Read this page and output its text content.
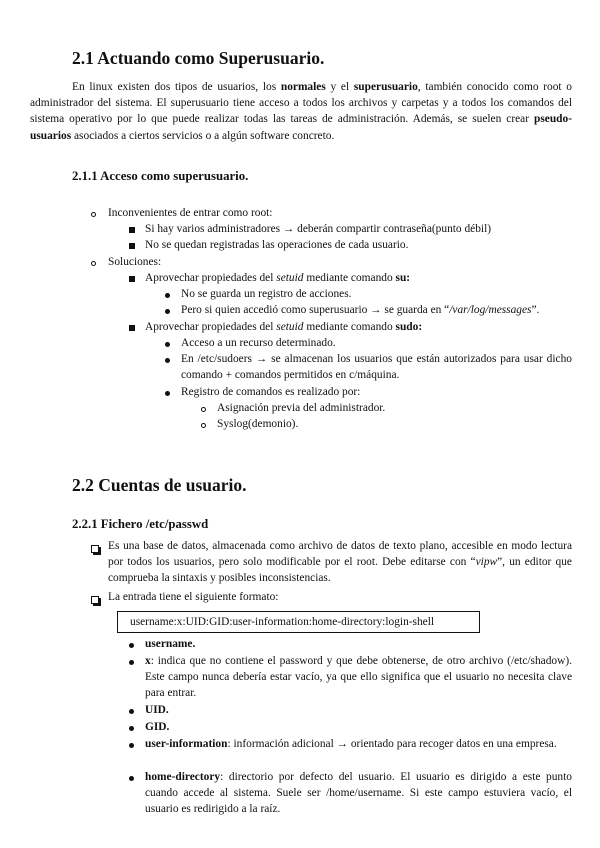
2.1 Actuando como Superusuario.

En linux existen dos tipos de usuarios, los normales y el superusuario, también conocido como root o administrador del sistema. El superusuario tiene acceso a todos los archivos y carpetas y a todos los comandos del sistema operativo por lo que puede realizar todas las tareas de administración. Además, se suelen crear pseudo-usuarios asociados a ciertos servicios o a algún software concreto.

2.1.1 Acceso como superusuario.
Inconvenientes de entrar como root:
Si hay varios administradores → deberán compartir contraseña(punto débil)
No se quedan registradas las operaciones de cada usuario.
Soluciones:
Aprovechar propiedades del setuid mediante comando su:
No se guarda un registro de acciones.
Pero si quien accedió como superusuario → se guarda en “/var/log/messages”.
Aprovechar propiedades del setuid mediante comando sudo:
Acceso a un recurso determinado.

En /etc/sudoers → se almacenan los usuarios que están autorizados para usar dicho comando + comandos permitidos en c/máquina.

Registro de comandos es realizado por:
Asignación previa del administrador.
Syslog(demonio).
2.2 Cuentas de usuario.
2.2.1 Fichero /etc/passwd

Es una base de datos, almacenada como archivo de datos de texto plano, accesible en modo lectura por todos los usuarios, pero solo modificable por el root. Debe editarse con “vipw”, un editor que comprueba la sintaxis y posibles inconsistencias.

La entrada tiene el siguiente formato:
username:x:UID:GID:user-information:home-directory:login-shell
username.

x: indica que no contiene el password y que debe obtenerse, de otro archivo (/etc/shadow). Este campo nunca debería estar vacío, ya que ello significa que el usuario no necesita clave para entrar.

UID.
GID.

user-information: información adicional → orientado para recoger datos en una empresa.

home-directory: directorio por defecto del usuario. El usuario es dirigido a este punto cuando accede al sistema. Suele ser /home/username. Si este campo estuviera vacío, el usuario es redirigido a la raíz.
